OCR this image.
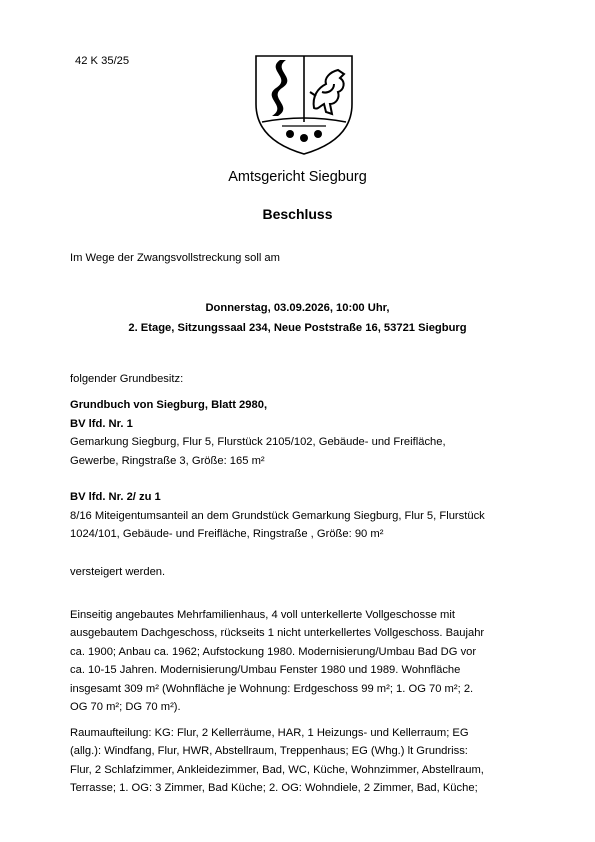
42 K 35/25
Amtsgericht Siegburg
Beschluss
Im Wege der Zwangsvollstreckung soll am
Donnerstag, 03.09.2026, 10:00 Uhr,
2. Etage, Sitzungssaal 234, Neue Poststraße 16, 53721 Siegburg
folgender Grundbesitz:
Grundbuch von Siegburg, Blatt 2980,
BV lfd. Nr. 1
Gemarkung Siegburg, Flur 5, Flurstück 2105/102, Gebäude- und Freifläche,
Gewerbe, Ringstraße 3, Größe: 165 m²
BV lfd. Nr. 2/ zu 1
8/16 Miteigentumsanteil an dem Grundstück Gemarkung Siegburg, Flur 5, Flurstück
1024/101, Gebäude- und Freifläche, Ringstraße , Größe: 90 m²
versteigert werden.
Einseitig angebautes Mehrfamilienhaus, 4 voll unterkellerte Vollgeschosse mit
ausgebautem Dachgeschoss, rückseits 1 nicht unterkellertes Vollgeschoss. Baujahr
ca. 1900; Anbau ca. 1962; Aufstockung 1980. Modernisierung/Umbau Bad DG vor
ca. 10-15 Jahren. Modernisierung/Umbau Fenster 1980 und 1989. Wohnfläche
insgesamt 309 m² (Wohnfläche je Wohnung: Erdgeschoss 99 m²; 1. OG 70 m²; 2.
OG 70 m²; DG 70 m²).
Raumaufteilung: KG: Flur, 2 Kellerräume, HAR, 1 Heizungs- und Kellerraum; EG
(allg.): Windfang, Flur, HWR, Abstellraum, Treppenhaus; EG (Whg.) lt Grundriss:
Flur, 2 Schlafzimmer, Ankleidezimmer, Bad, WC, Küche, Wohnzimmer, Abstellraum,
Terrasse; 1. OG: 3 Zimmer, Bad Küche; 2. OG: Wohndiele, 2 Zimmer, Bad, Küche;
